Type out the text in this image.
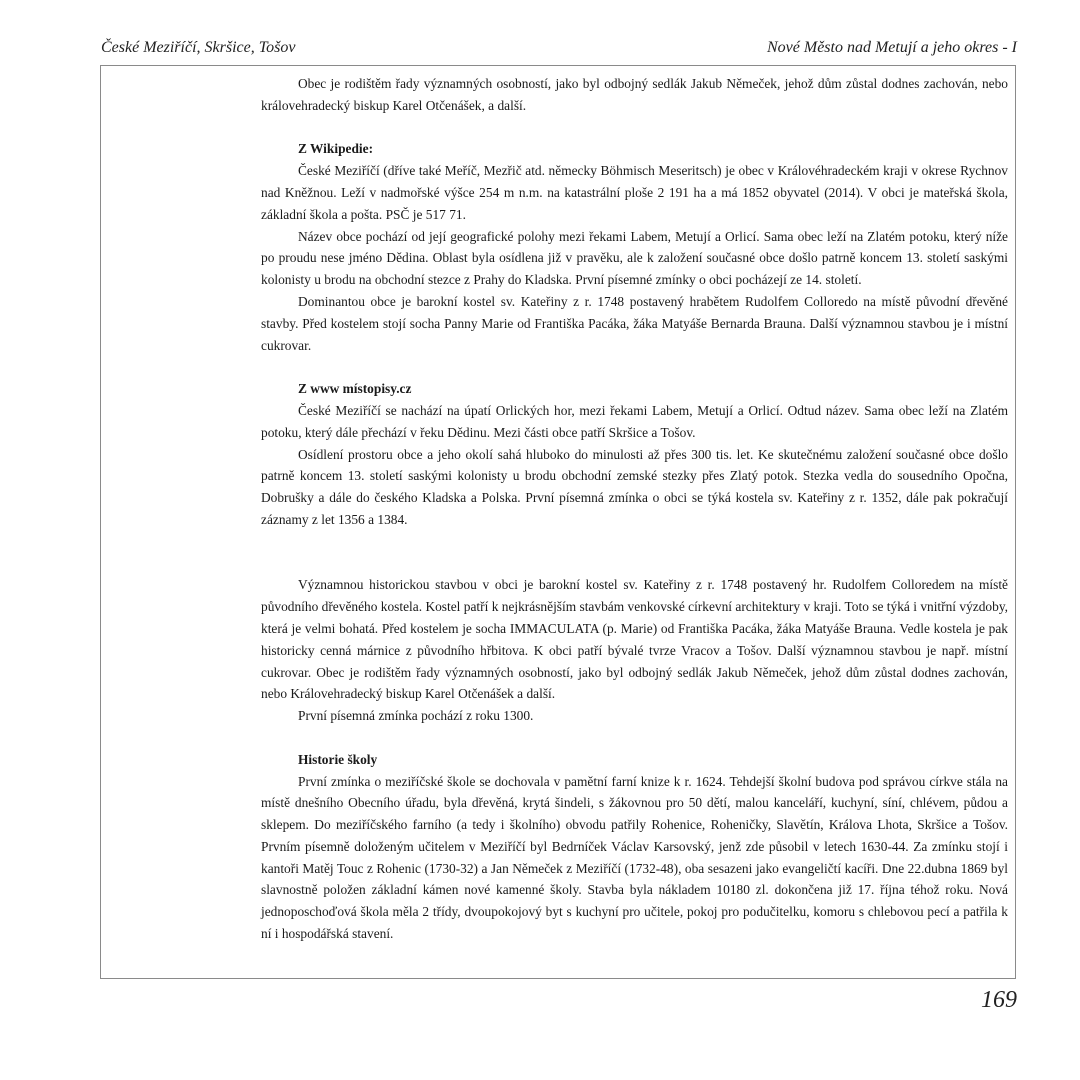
České Meziříčí, Skršice, Tošov	Nové Město nad Metují a jeho okres - I

Obec je rodištěm řady významných osobností, jako byl odbojný sedlák Jakub Němeček, jehož dům zůstal dodnes zachován, nebo královehradecký biskup Karel Otčenášek, a další.

Z Wikipedie:

České Meziříčí (dříve také Meříč, Mezřič atd. německy Böhmisch Meseritsch) je obec v Královéhradeckém kraji v okrese Rychnov nad Kněžnou. Leží v nadmořské výšce 254 m n.m. na katastrální ploše 2 191 ha a má 1852 obyvatel (2014). V obci je mateřská škola, základní škola a pošta. PSČ je 517 71.

Název obce pochází od její geografické polohy mezi řekami Labem, Metují a Orlicí. Sama obec leží na Zlatém potoku, který níže po proudu nese jméno Dědina. Oblast byla osídlena již v pravěku, ale k založení současné obce došlo patrně koncem 13. století saskými kolonisty u brodu na obchodní stezce z Prahy do Kladska. První písemné zmínky o obci pocházejí ze 14. století.

Dominantou obce je barokní kostel sv. Kateřiny z r. 1748 postavený hrabětem Rudolfem Colloredo na místě původní dřevěné stavby. Před kostelem stojí socha Panny Marie od Františka Pacáka, žáka Matyáše Bernarda Brauna. Další významnou stavbou je i místní cukrovar.

Z www místopisy.cz

České Meziříčí se nachází na úpatí Orlických hor, mezi řekami Labem, Metují a Orlicí. Odtud název. Sama obec leží na Zlatém potoku, který dále přechází v řeku Dědinu. Mezi části obce patří Skršice a Tošov.

Osídlení prostoru obce a jeho okolí sahá hluboko do minulosti až přes 300 tis. let. Ke skutečnému založení současné obce došlo patrně koncem 13. století saskými kolonisty u brodu obchodní zemské stezky přes Zlatý potok. Stezka vedla do sousedního Opočna, Dobrušky a dále do českého Kladska a Polska. První písemná zmínka o obci se týká kostela sv. Kateřiny z r. 1352, dále pak pokračují záznamy z let 1356 a 1384.

Významnou historickou stavbou v obci je barokní kostel sv. Kateřiny z r. 1748 postavený hr. Rudolfem Colloredem na místě původního dřevěného kostela. Kostel patří k nejkrásnějším stavbám venkovské církevní architektury v kraji. Toto se týká i vnitřní výzdoby, která je velmi bohatá. Před kostelem je socha IMMACULATA (p. Marie) od Františka Pacáka, žáka Matyáše Brauna. Vedle kostela je pak historicky cenná márnice z původního hřbitova. K obci patří bývalé tvrze Vracov a Tošov. Další významnou stavbou je např. místní cukrovar. Obec je rodištěm řady významných osobností, jako byl odbojný sedlák Jakub Němeček, jehož dům zůstal dodnes zachován, nebo Královehradecký biskup Karel Otčenášek a další.

První písemná zmínka pochází z roku 1300.

Historie školy

První zmínka o meziříčské škole se dochovala v pamětní farní knize k r. 1624. Tehdejší školní budova pod správou církve stála na místě dnešního Obecního úřadu, byla dřevěná, krytá šindeli, s žákovnou pro 50 dětí, malou kanceláří, kuchyní, síní, chlévem, půdou a sklepem. Do meziříčského farního (a tedy i školního) obvodu patřily Rohenice, Roheničky, Slavětín, Králova Lhota, Skršice a Tošov. Prvním písemně doloženým učitelem v Meziříčí byl Bedrníček Václav Karsovský, jenž zde působil v letech 1630-44. Za zmínku stojí i kantoři Matěj Touc z Rohenic (1730-32) a Jan Němeček z Meziříčí (1732-48), oba sesazeni jako evangeličtí kacíři. Dne 22.dubna 1869 byl slavnostně položen základní kámen nové kamenné školy. Stavba byla nákladem 10180 zl. dokončena již 17. října téhož roku. Nová jednoposchoďová škola měla 2 třídy, dvoupokojový byt s kuchyní pro učitele, pokoj pro podučitelku, komoru s chlebovou pecí a patřila k ní i hospodářská stavení.

169
